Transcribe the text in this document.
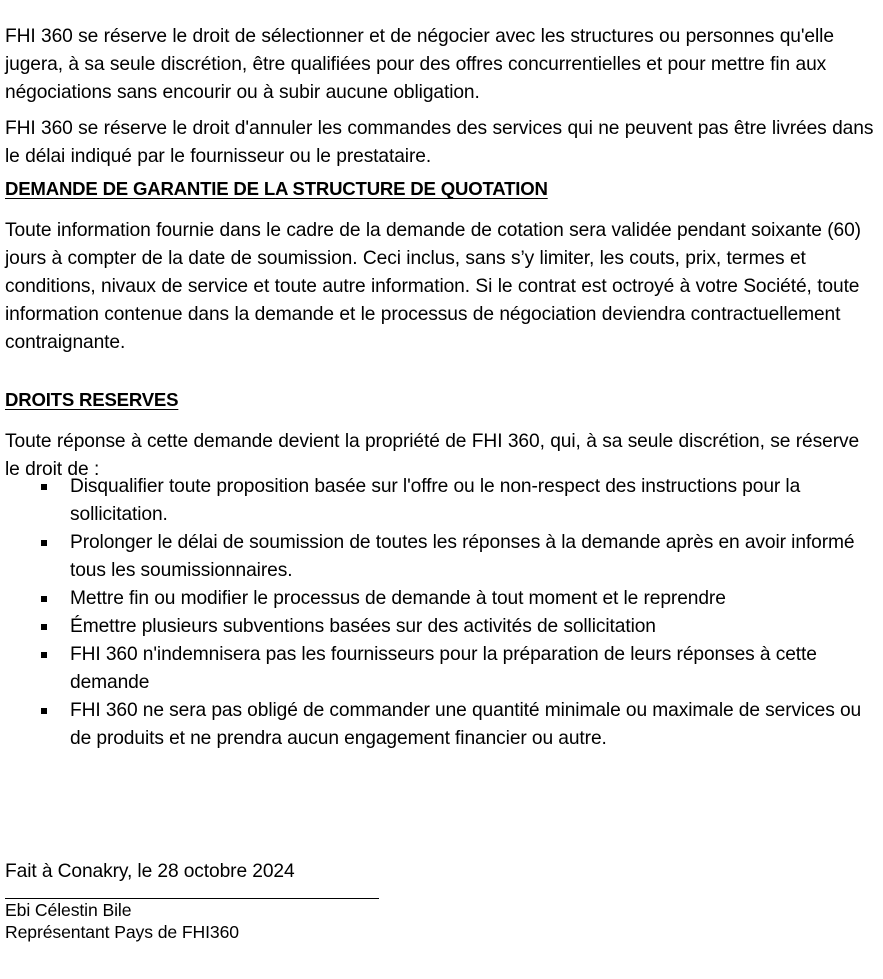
FHI 360 se réserve le droit de sélectionner et de négocier avec les structures ou personnes qu'elle jugera, à sa seule discrétion, être qualifiées pour des offres concurrentielles et pour mettre fin aux négociations sans encourir ou à subir aucune obligation.

FHI 360 se réserve le droit d'annuler les commandes des services qui ne peuvent pas être livrées dans le délai indiqué par le fournisseur ou le prestataire.

DEMANDE DE GARANTIE DE LA STRUCTURE DE QUOTATION

Toute information fournie dans le cadre de la demande de cotation sera validée pendant soixante (60) jours à compter de la date de soumission. Ceci inclus, sans s’y limiter, les couts, prix, termes et conditions, nivaux de service et toute autre information. Si le contrat est octroyé à votre Société, toute information contenue dans la demande et le processus de négociation deviendra contractuellement contraignante.

DROITS RESERVES

Toute réponse à cette demande devient la propriété de FHI 360, qui, à sa seule discrétion, se réserve le droit de :

Disqualifier toute proposition basée sur l'offre ou le non-respect des instructions pour la sollicitation.
Prolonger le délai de soumission de toutes les réponses à la demande après en avoir informé tous les soumissionnaires.
Mettre fin ou modifier le processus de demande à tout moment et le reprendre
Émettre plusieurs subventions basées sur des activités de sollicitation
FHI 360 n'indemnisera pas les fournisseurs pour la préparation de leurs réponses à cette demande
FHI 360 ne sera pas obligé de commander une quantité minimale ou maximale de services ou de produits et ne prendra aucun engagement financier ou autre.

Fait à Conakry, le 28 octobre 2024

Ebi Célestin Bile

Représentant Pays de FHI360
